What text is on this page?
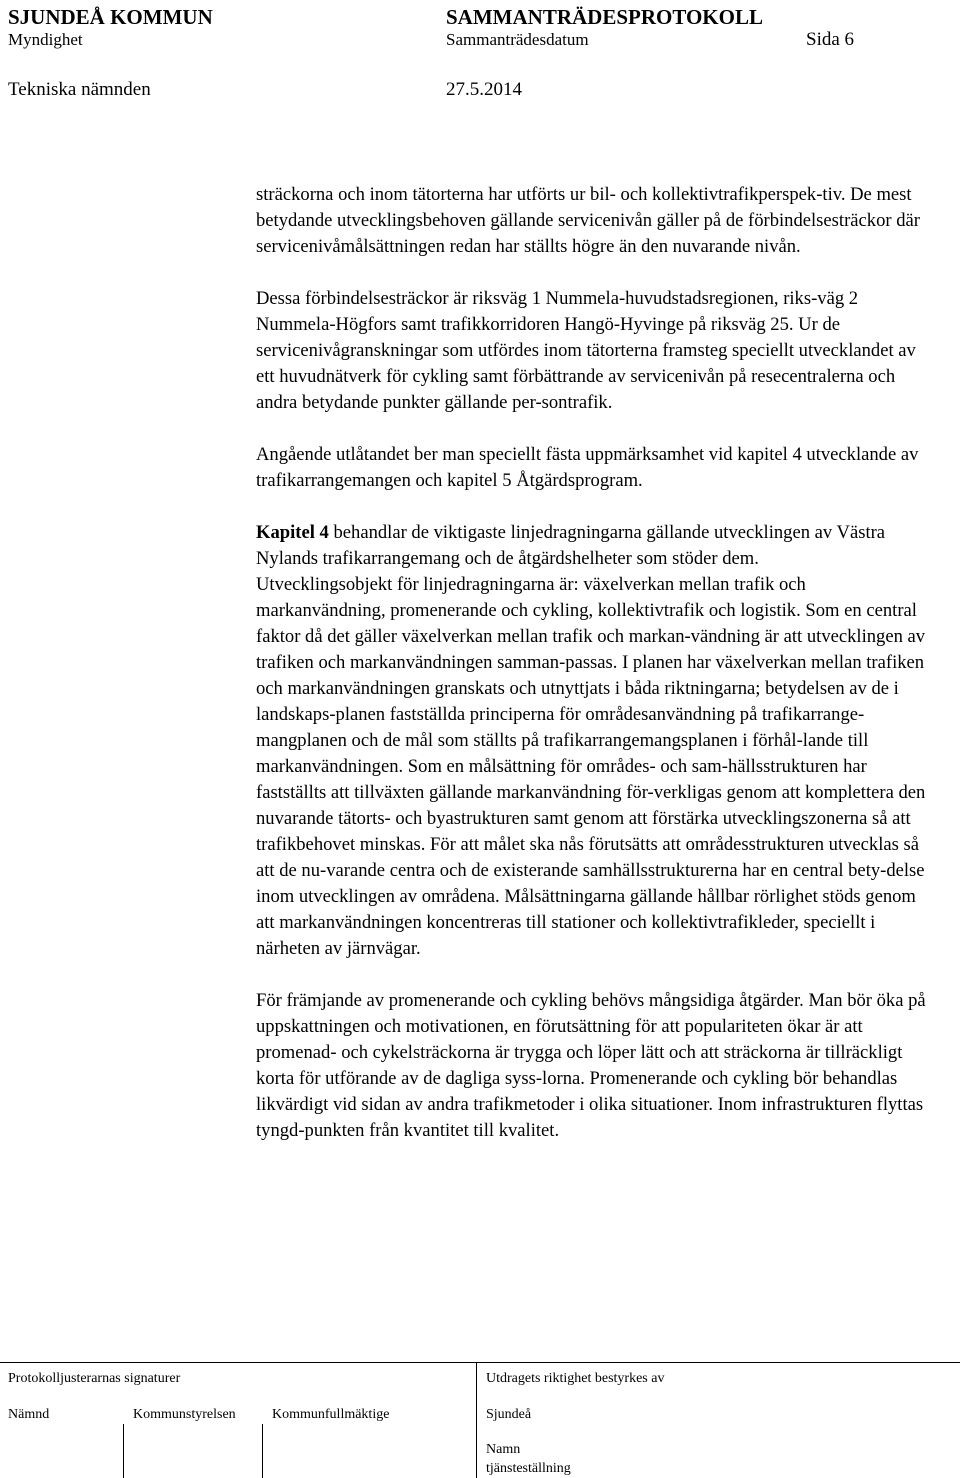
SJUNDEÅ KOMMUN
Myndighet
SAMMANTRÄDESPROTOKOLL
Sammanträdesdatum	Sida 6
Tekniska nämnden	27.5.2014

sträckorna och inom tätorterna har utförts ur bil- och kollektivtrafikperspek-tiv. De mest betydande utvecklingsbehoven gällande servicenivån gäller på de förbindelsesträckor där servicenivåmålsättningen redan har ställts högre än den nuvarande nivån.

Dessa förbindelsesträckor är riksväg 1 Nummela-huvudstadsregionen, riks-väg 2 Nummela-Högfors samt trafikkorridoren Hangö-Hyvinge på riksväg 25. Ur de servicenivågranskningar som utfördes inom tätorterna framsteg speciellt utvecklandet av ett huvudnätverk för cykling samt förbättrande av servicenivån på resecentralerna och andra betydande punkter gällande per-sontrafik.

Angående utlåtandet ber man speciellt fästa uppmärksamhet vid kapitel 4 utvecklande av trafikarrangemangen och kapitel 5 Åtgärdsprogram.

Kapitel 4 behandlar de viktigaste linjedragningarna gällande utvecklingen av Västra Nylands trafikarrangemang och de åtgärdshelheter som stöder dem.

Utvecklingsobjekt för linjedragningarna är: växelverkan mellan trafik och markanvändning, promenerande och cykling, kollektivtrafik och logistik. Som en central faktor då det gäller växelverkan mellan trafik och markan-vändning är att utvecklingen av trafiken och markanvändningen samman-passas. I planen har växelverkan mellan trafiken och markanvändningen granskats och utnyttjats i båda riktningarna; betydelsen av de i landskaps-planen fastställda principerna för områdesanvändning på trafikarrange-mangplanen och de mål som ställts på trafikarrangemangsplanen i förhål-lande till markanvändningen. Som en målsättning för områdes- och sam-hällsstrukturen har fastställts att tillväxten gällande markanvändning för-verkligas genom att komplettera den nuvarande tätorts- och byastrukturen samt genom att förstärka utvecklingszonerna så att trafikbehovet minskas. För att målet ska nås förutsätts att områdesstrukturen utvecklas så att de nu-varande centra och de existerande samhällsstrukturerna har en central bety-delse inom utvecklingen av områdena. Målsättningarna gällande hållbar rörlighet stöds genom att markanvändningen koncentreras till stationer och kollektivtrafikleder, speciellt i närheten av järnvägar.

För främjande av promenerande och cykling behövs mångsidiga åtgärder. Man bör öka på uppskattningen och motivationen, en förutsättning för att populariteten ökar är att promenad- och cykelsträckorna är trygga och löper lätt och att sträckorna är tillräckligt korta för utförande av de dagliga syss-lorna. Promenerande och cykling bör behandlas likvärdigt vid sidan av andra trafikmetoder i olika situationer. Inom infrastrukturen flyttas tyngd-punkten från kvantitet till kvalitet.

Protokolljusterarnas signaturer	Utdragets riktighet bestyrkes av
Nämnd	Kommunstyrelsen	Kommunfullmäktige	Sjundeå
Namn
tjänsteställning
